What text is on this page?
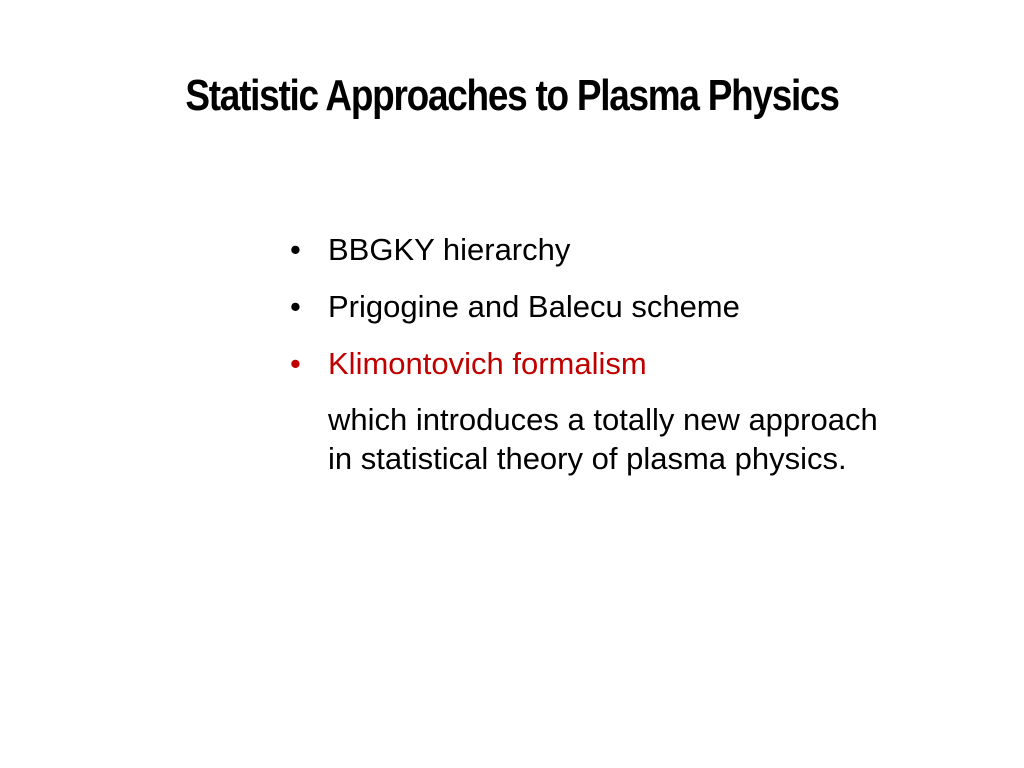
Statistic Approaches to Plasma Physics
• BBGKY hierarchy
• Prigogine and Balecu scheme
• Klimontovich formalism
which introduces a totally new approach in statistical theory of plasma physics.
